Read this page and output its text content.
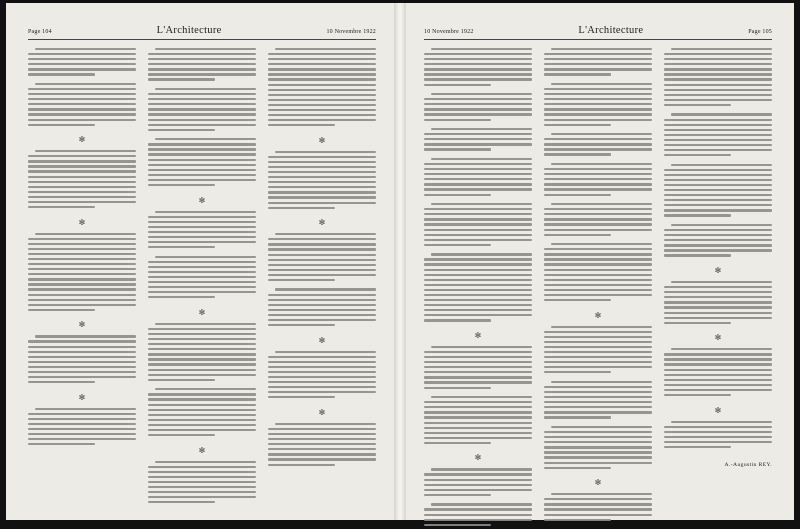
Page 104	L'Architecture	10 Novembre 1922
✻
✻
✻
✻
✻
✻
✻
✻
✻
✻
✻
10 Novembre 1922	L'Architecture	Page 105
✻
✻
✻
✻
✻
✻
✻
A.-Augustin REY.
